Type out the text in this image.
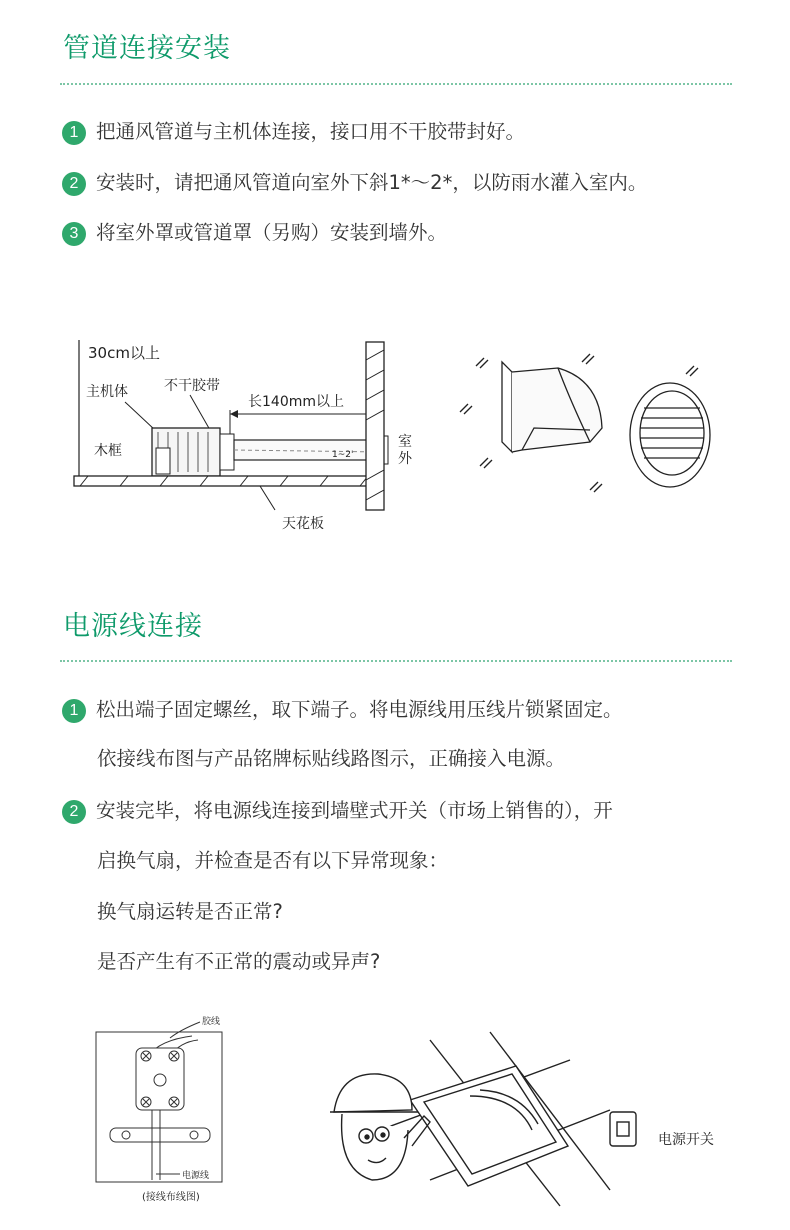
管道连接安装
1 把通风管道与主机体连接，接口用不干胶带封好。
2 安装时，请把通风管道向室外下斜1*～2*，以防雨水灌入室内。
3 将室外罩或管道罩（另购）安装到墙外。
30cm以上
主机体	不干胶带
木框
长140mm以上
1~2'
天花板
室
外
电源线连接
1 松出端子固定螺丝，取下端子。将电源线用压线片锁紧固定。
依接线布图与产品铭牌标贴线路图示，正确接入电源。
2 安装完毕，将电源线连接到墙壁式开关（市场上销售的），开
启换气扇，并检查是否有以下异常现象：
换气扇运转是否正常?
是否产生有不正常的震动或异声?
胶线
电源线
(接线布线图)
电源开关
